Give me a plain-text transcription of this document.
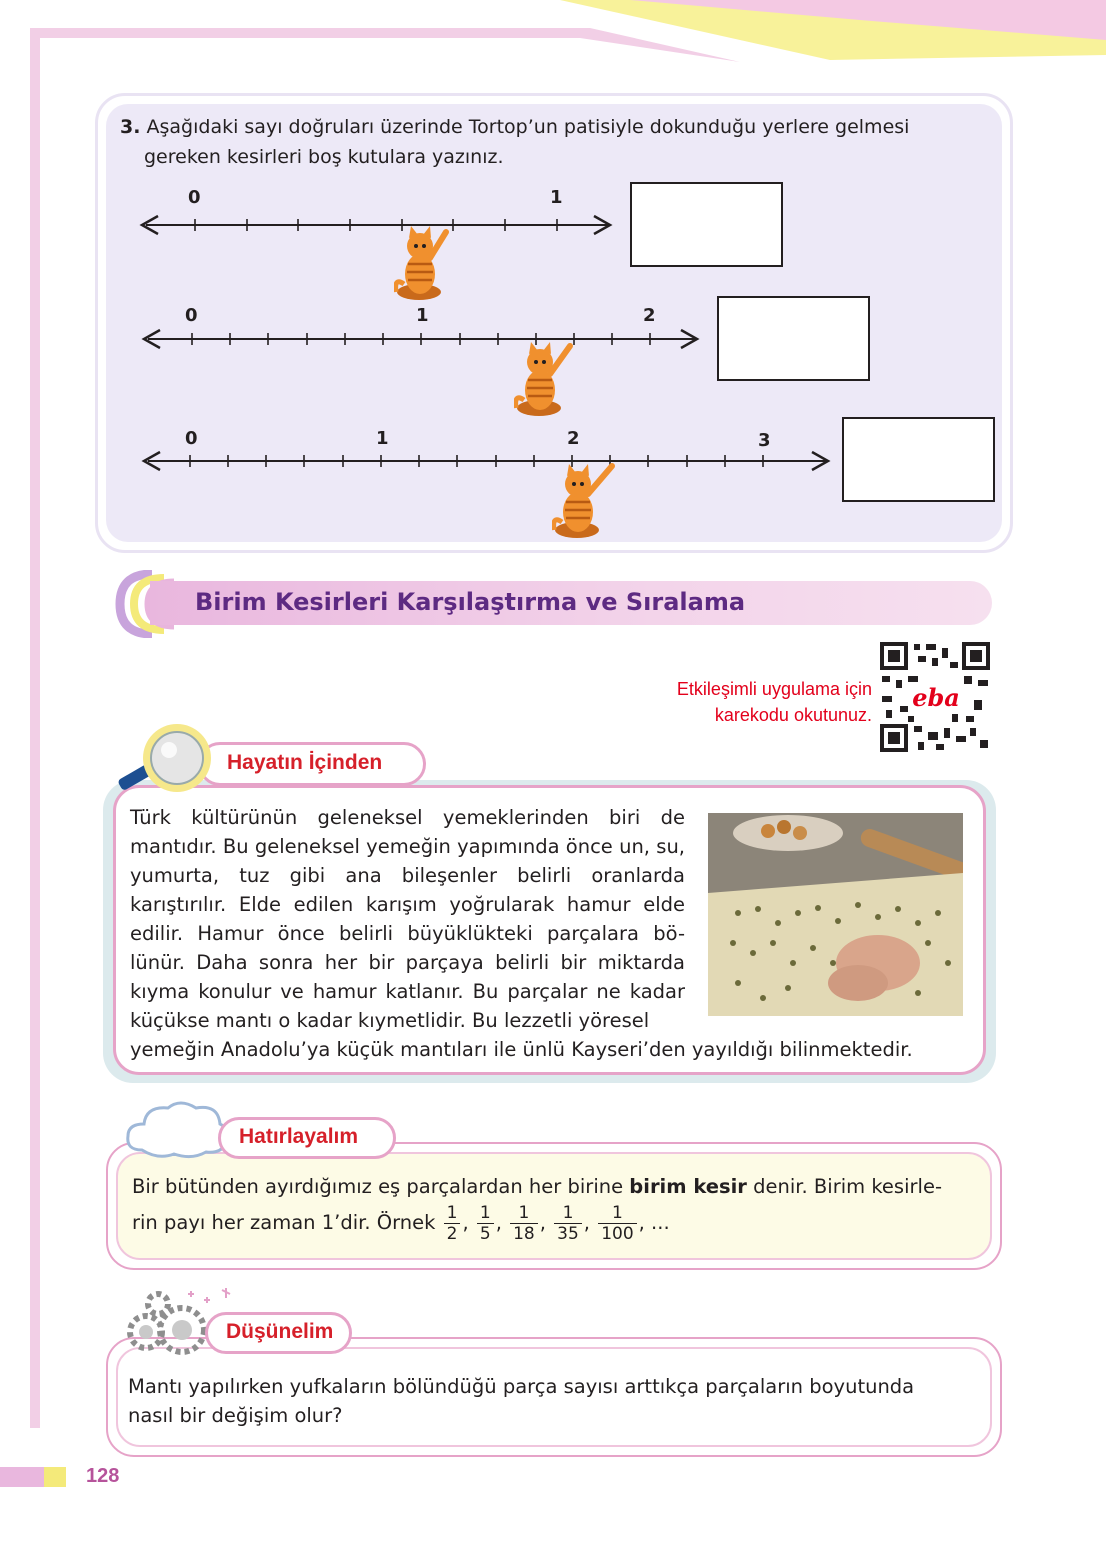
3. Aşağıdaki sayı doğruları üzerinde Tortop’un patisiyle dokunduğu yerlere gelmesi
gereken kesirleri boş kutulara yazınız.
0	1
0	1	2
0	1	2	3
Birim Kesirleri Karşılaştırma ve Sıralama
Etkileşimli uygulama için
karekodu okutunuz.
eba
Hayatın İçinden
Türk kültürünün geleneksel yemeklerinden biri de mantıdır. Bu geleneksel yemeğin yapımında önce un, su, yumurta, tuz gibi ana bileşenler belirli oranlarda karıştırılır. Elde edilen karışım yoğrularak hamur elde edilir. Hamur önce belirli büyüklükteki parçalara bö-lünür. Daha sonra her bir parçaya belirli bir miktarda kıyma konulur ve hamur katlanır. Bu parçalar ne kadar küçükse mantı o kadar kıymetlidir. Bu lezzetli yöresel
yemeğin Anadolu’ya küçük mantıları ile ünlü Kayseri’den yayıldığı bilinmektedir.
Hatırlayalım
Bir bütünden ayırdığımız eş parçalardan her birine birim kesir denir. Birim kesirle-
rin payı her zaman 1’dir. Örnek $\frac{1}{2}$ , $\frac{1}{5}$ , $\frac{1}{18}$ , $\frac{1}{35}$ , $\frac{1}{100}$ , ...
Düşünelim
Mantı yapılırken yufkaların bölündüğü parça sayısı arttıkça parçaların boyutunda
nasıl bir değişim olur?
128
